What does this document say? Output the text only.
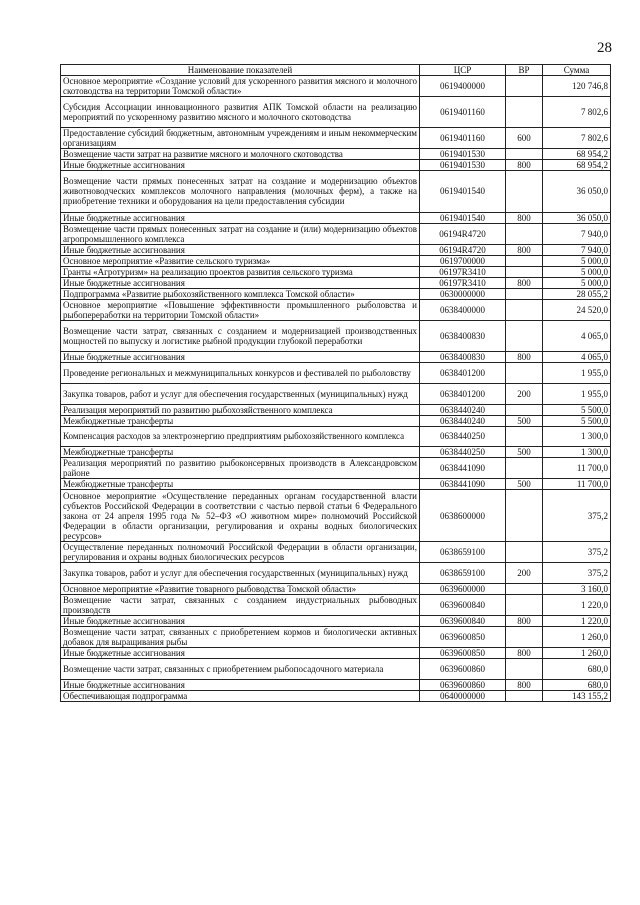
28
Наименование показателей	ЦСР	ВР	Сумма
Основное мероприятие «Создание условий для ускоренного развития мясного и молочного скотоводства на территории Томской области»	0619400000		120 746,8
Субсидия Ассоциации инновационного развития АПК Томской области на реализацию мероприятий по ускоренному развитию мясного и молочного скотоводства	0619401160		7 802,6
Предоставление субсидий бюджетным, автономным учреждениям и иным некоммерческим организациям	0619401160	600	7 802,6
Возмещение части затрат на развитие мясного и молочного скотоводства	0619401530		68 954,2
Иные бюджетные ассигнования	0619401530	800	68 954,2
Возмещение части прямых понесенных затрат на создание и модернизацию объектов животноводческих комплексов молочного направления (молочных ферм), а также на приобретение техники и оборудования на цели предоставления субсидии	0619401540		36 050,0
Иные бюджетные ассигнования	0619401540	800	36 050,0
Возмещение части прямых понесенных затрат на создание и (или) модернизацию объектов агропромышленного комплекса	06194R4720		7 940,0
Иные бюджетные ассигнования	06194R4720	800	7 940,0
Основное мероприятие «Развитие сельского туризма»	0619700000		5 000,0
Гранты «Агротуризм» на реализацию проектов развития сельского туризма	06197R3410		5 000,0
Иные бюджетные ассигнования	06197R3410	800	5 000,0
Подпрограмма «Развитие рыбохозяйственного комплекса Томской области»	0630000000		28 055,2
Основное мероприятие «Повышение эффективности промышленного рыболовства и рыбопереработки на территории Томской области»	0638400000		24 520,0
Возмещение части затрат, связанных с созданием и модернизацией производственных мощностей по выпуску и логистике рыбной продукции глубокой переработки	0638400830		4 065,0
Иные бюджетные ассигнования	0638400830	800	4 065,0
Проведение региональных и межмуниципальных конкурсов и фестивалей по рыболовству	0638401200		1 955,0
Закупка товаров, работ и услуг для обеспечения государственных (муниципальных) нужд	0638401200	200	1 955,0
Реализация мероприятий по развитию рыбохозяйственного комплекса	0638440240		5 500,0
Межбюджетные трансферты	0638440240	500	5 500,0
Компенсация расходов за электроэнергию предприятиям рыбохозяйственного комплекса	0638440250		1 300,0
Межбюджетные трансферты	0638440250	500	1 300,0
Реализация мероприятий по развитию рыбоконсервных производств в Александровском районе	0638441090		11 700,0
Межбюджетные трансферты	0638441090	500	11 700,0
Основное мероприятие «Осуществление переданных органам государственной власти субъектов Российской Федерации в соответствии с частью первой статьи 6 Федерального закона от 24 апреля 1995 года № 52–ФЗ «О животном мире» полномочий Российской Федерации в области организации, регулирования и охраны водных биологических ресурсов»	0638600000		375,2
Осуществление переданных полномочий Российской Федерации в области организации, регулирования и охраны водных биологических ресурсов	0638659100		375,2
Закупка товаров, работ и услуг для обеспечения государственных (муниципальных) нужд	0638659100	200	375,2
Основное мероприятие «Развитие товарного рыбоводства Томской области»	0639600000		3 160,0
Возмещение части затрат, связанных с созданием индустриальных рыбоводных производств	0639600840		1 220,0
Иные бюджетные ассигнования	0639600840	800	1 220,0
Возмещение части затрат, связанных с приобретением кормов и биологически активных добавок для выращивания рыбы	0639600850		1 260,0
Иные бюджетные ассигнования	0639600850	800	1 260,0
Возмещение части затрат, связанных с приобретением рыбопосадочного материала	0639600860		680,0
Иные бюджетные ассигнования	0639600860	800	680,0
Обеспечивающая подпрограмма	0640000000		143 155,2
